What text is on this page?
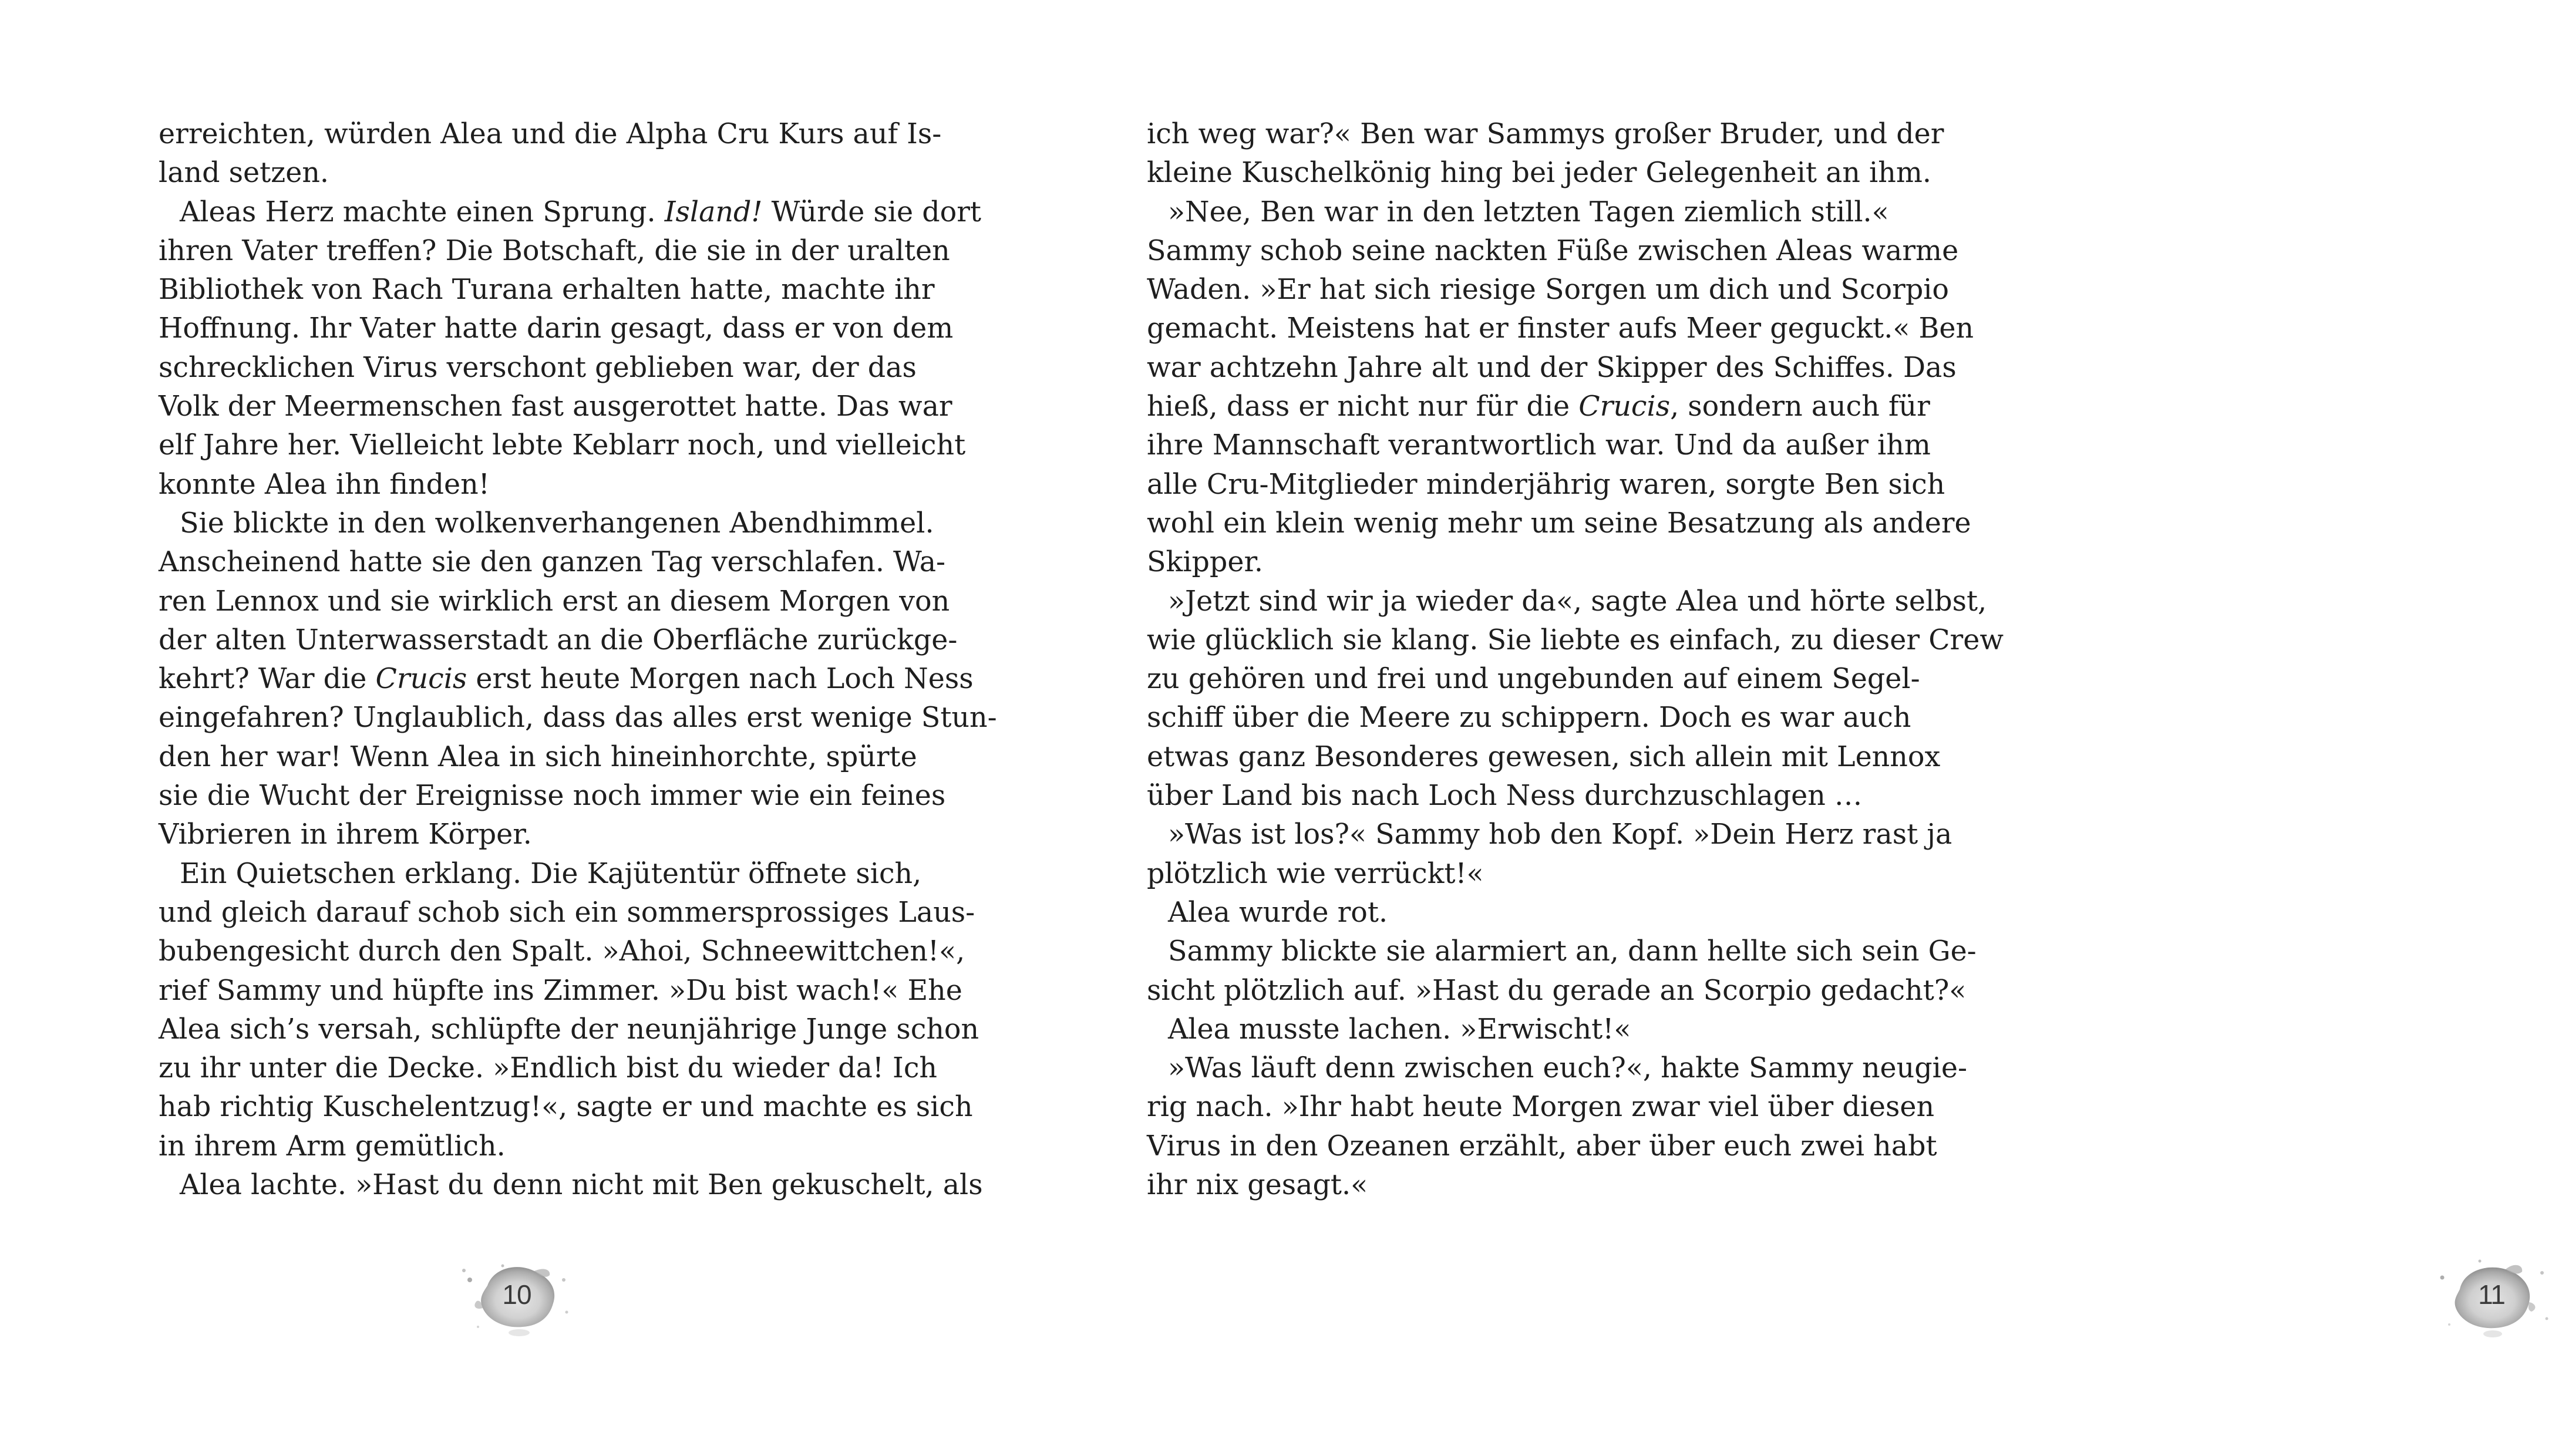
erreichten, würden Alea und die Alpha Cru Kurs auf Is-
land setzen.
Aleas Herz machte einen Sprung. Island! Würde sie dort
ihren Vater treffen? Die Botschaft, die sie in der uralten
Bibliothek von Rach Turana erhalten hatte, machte ihr
Hoffnung. Ihr Vater hatte darin gesagt, dass er von dem
schrecklichen Virus verschont geblieben war, der das
Volk der Meermenschen fast ausgerottet hatte. Das war
elf Jahre her. Vielleicht lebte Keblarr noch, und vielleicht
konnte Alea ihn finden!
Sie blickte in den wolkenverhangenen Abendhimmel.
Anscheinend hatte sie den ganzen Tag verschlafen. Wa-
ren Lennox und sie wirklich erst an diesem Morgen von
der alten Unterwasserstadt an die Oberfläche zurückge-
kehrt? War die Crucis erst heute Morgen nach Loch Ness
eingefahren? Unglaublich, dass das alles erst wenige Stun-
den her war! Wenn Alea in sich hineinhorchte, spürte
sie die Wucht der Ereignisse noch immer wie ein feines
Vibrieren in ihrem Körper.
Ein Quietschen erklang. Die Kajütentür öffnete sich,
und gleich darauf schob sich ein sommersprossiges Laus-
bubengesicht durch den Spalt. »Ahoi, Schneewittchen!«,
rief Sammy und hüpfte ins Zimmer. »Du bist wach!« Ehe
Alea sich’s versah, schlüpfte der neunjährige Junge schon
zu ihr unter die Decke. »Endlich bist du wieder da! Ich
hab richtig Kuschelentzug!«, sagte er und machte es sich
in ihrem Arm gemütlich.
Alea lachte. »Hast du denn nicht mit Ben gekuschelt, als
10
ich weg war?« Ben war Sammys großer Bruder, und der
kleine Kuschelkönig hing bei jeder Gelegenheit an ihm.
»Nee, Ben war in den letzten Tagen ziemlich still.«
Sammy schob seine nackten Füße zwischen Aleas warme
Waden. »Er hat sich riesige Sorgen um dich und Scorpio
gemacht. Meistens hat er finster aufs Meer geguckt.« Ben
war achtzehn Jahre alt und der Skipper des Schiffes. Das
hieß, dass er nicht nur für die Crucis, sondern auch für
ihre Mannschaft verantwortlich war. Und da außer ihm
alle Cru-Mitglieder minderjährig waren, sorgte Ben sich
wohl ein klein wenig mehr um seine Besatzung als andere
Skipper.
»Jetzt sind wir ja wieder da«, sagte Alea und hörte selbst,
wie glücklich sie klang. Sie liebte es einfach, zu dieser Crew
zu gehören und frei und ungebunden auf einem Segel-
schiff über die Meere zu schippern. Doch es war auch
etwas ganz Besonderes gewesen, sich allein mit Lennox
über Land bis nach Loch Ness durchzuschlagen …
»Was ist los?« Sammy hob den Kopf. »Dein Herz rast ja
plötzlich wie verrückt!«
Alea wurde rot.
Sammy blickte sie alarmiert an, dann hellte sich sein Ge-
sicht plötzlich auf. »Hast du gerade an Scorpio gedacht?«
Alea musste lachen. »Erwischt!«
»Was läuft denn zwischen euch?«, hakte Sammy neugie-
rig nach. »Ihr habt heute Morgen zwar viel über diesen
Virus in den Ozeanen erzählt, aber über euch zwei habt
ihr nix gesagt.«
11
